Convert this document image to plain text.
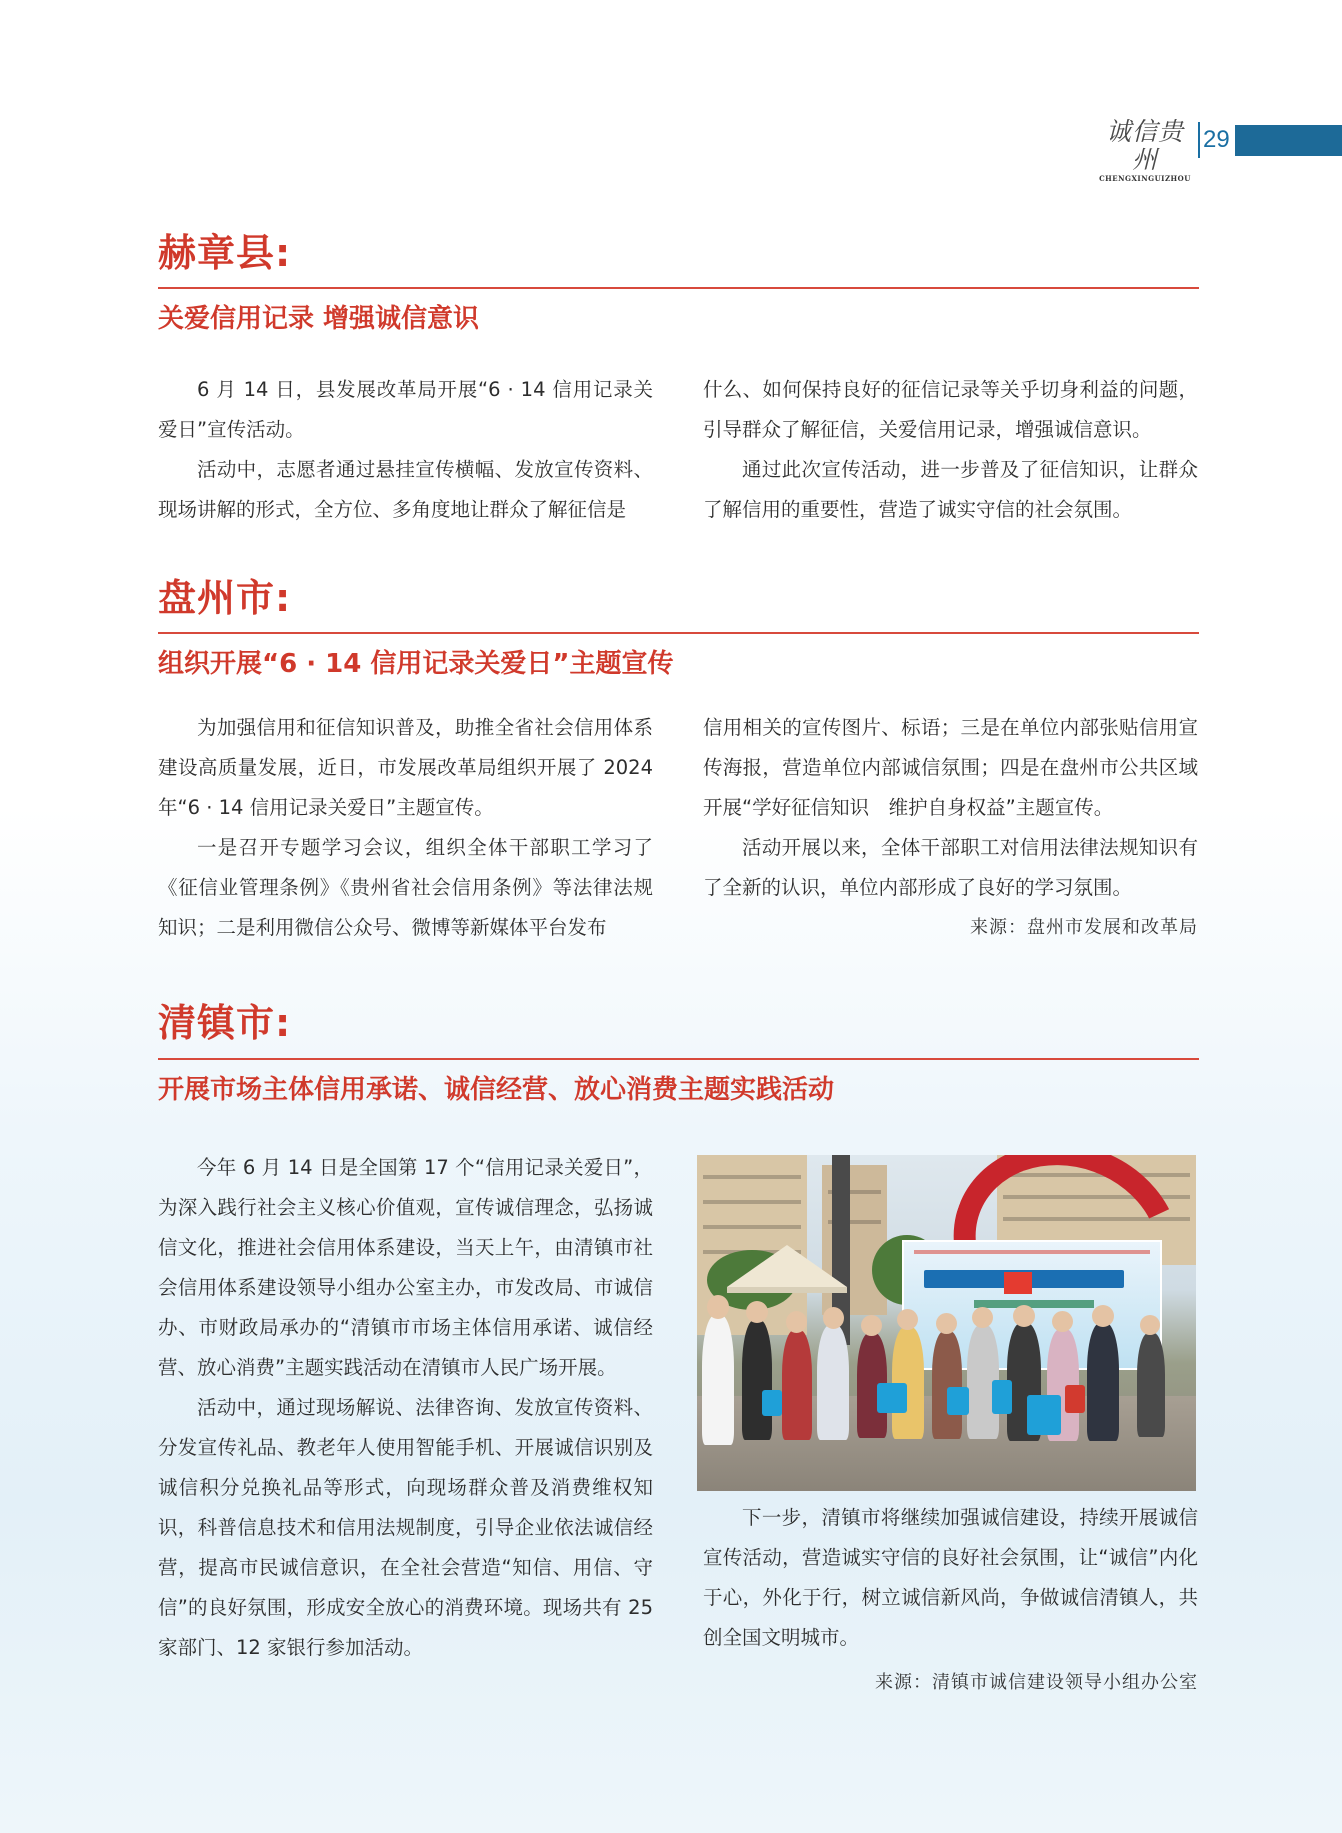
诚信贵州
CHENGXINGUIZHOU
29
赫章县:
关爱信用记录 增强诚信意识

6 月 14 日，县发展改革局开展“6 · 14 信用记录关爱日”宣传活动。

活动中，志愿者通过悬挂宣传横幅、发放宣传资料、现场讲解的形式，全方位、多角度地让群众了解征信是

什么、如何保持良好的征信记录等关乎切身利益的问题，引导群众了解征信，关爱信用记录，增强诚信意识。

通过此次宣传活动，进一步普及了征信知识，让群众了解信用的重要性，营造了诚实守信的社会氛围。

盘州市:
组织开展“6 · 14 信用记录关爱日”主题宣传

为加强信用和征信知识普及，助推全省社会信用体系建设高质量发展，近日，市发展改革局组织开展了 2024 年“6 · 14 信用记录关爱日”主题宣传。

一是召开专题学习会议，组织全体干部职工学习了《征信业管理条例》《贵州省社会信用条例》等法律法规知识；二是利用微信公众号、微博等新媒体平台发布

信用相关的宣传图片、标语；三是在单位内部张贴信用宣传海报，营造单位内部诚信氛围；四是在盘州市公共区域开展“学好征信知识　维护自身权益”主题宣传。

活动开展以来，全体干部职工对信用法律法规知识有了全新的认识，单位内部形成了良好的学习氛围。

来源：盘州市发展和改革局
清镇市:
开展市场主体信用承诺、诚信经营、放心消费主题实践活动

今年 6 月 14 日是全国第 17 个“信用记录关爱日”，为深入践行社会主义核心价值观，宣传诚信理念，弘扬诚信文化，推进社会信用体系建设，当天上午，由清镇市社会信用体系建设领导小组办公室主办，市发改局、市诚信办、市财政局承办的“清镇市市场主体信用承诺、诚信经营、放心消费”主题实践活动在清镇市人民广场开展。

活动中，通过现场解说、法律咨询、发放宣传资料、分发宣传礼品、教老年人使用智能手机、开展诚信识别及诚信积分兑换礼品等形式，向现场群众普及消费维权知识，科普信息技术和信用法规制度，引导企业依法诚信经营，提高市民诚信意识，在全社会营造“知信、用信、守信”的良好氛围，形成安全放心的消费环境。现场共有 25 家部门、12 家银行参加活动。

下一步，清镇市将继续加强诚信建设，持续开展诚信宣传活动，营造诚实守信的良好社会氛围，让“诚信”内化于心，外化于行，树立诚信新风尚，争做诚信清镇人，共创全国文明城市。

来源：清镇市诚信建设领导小组办公室
